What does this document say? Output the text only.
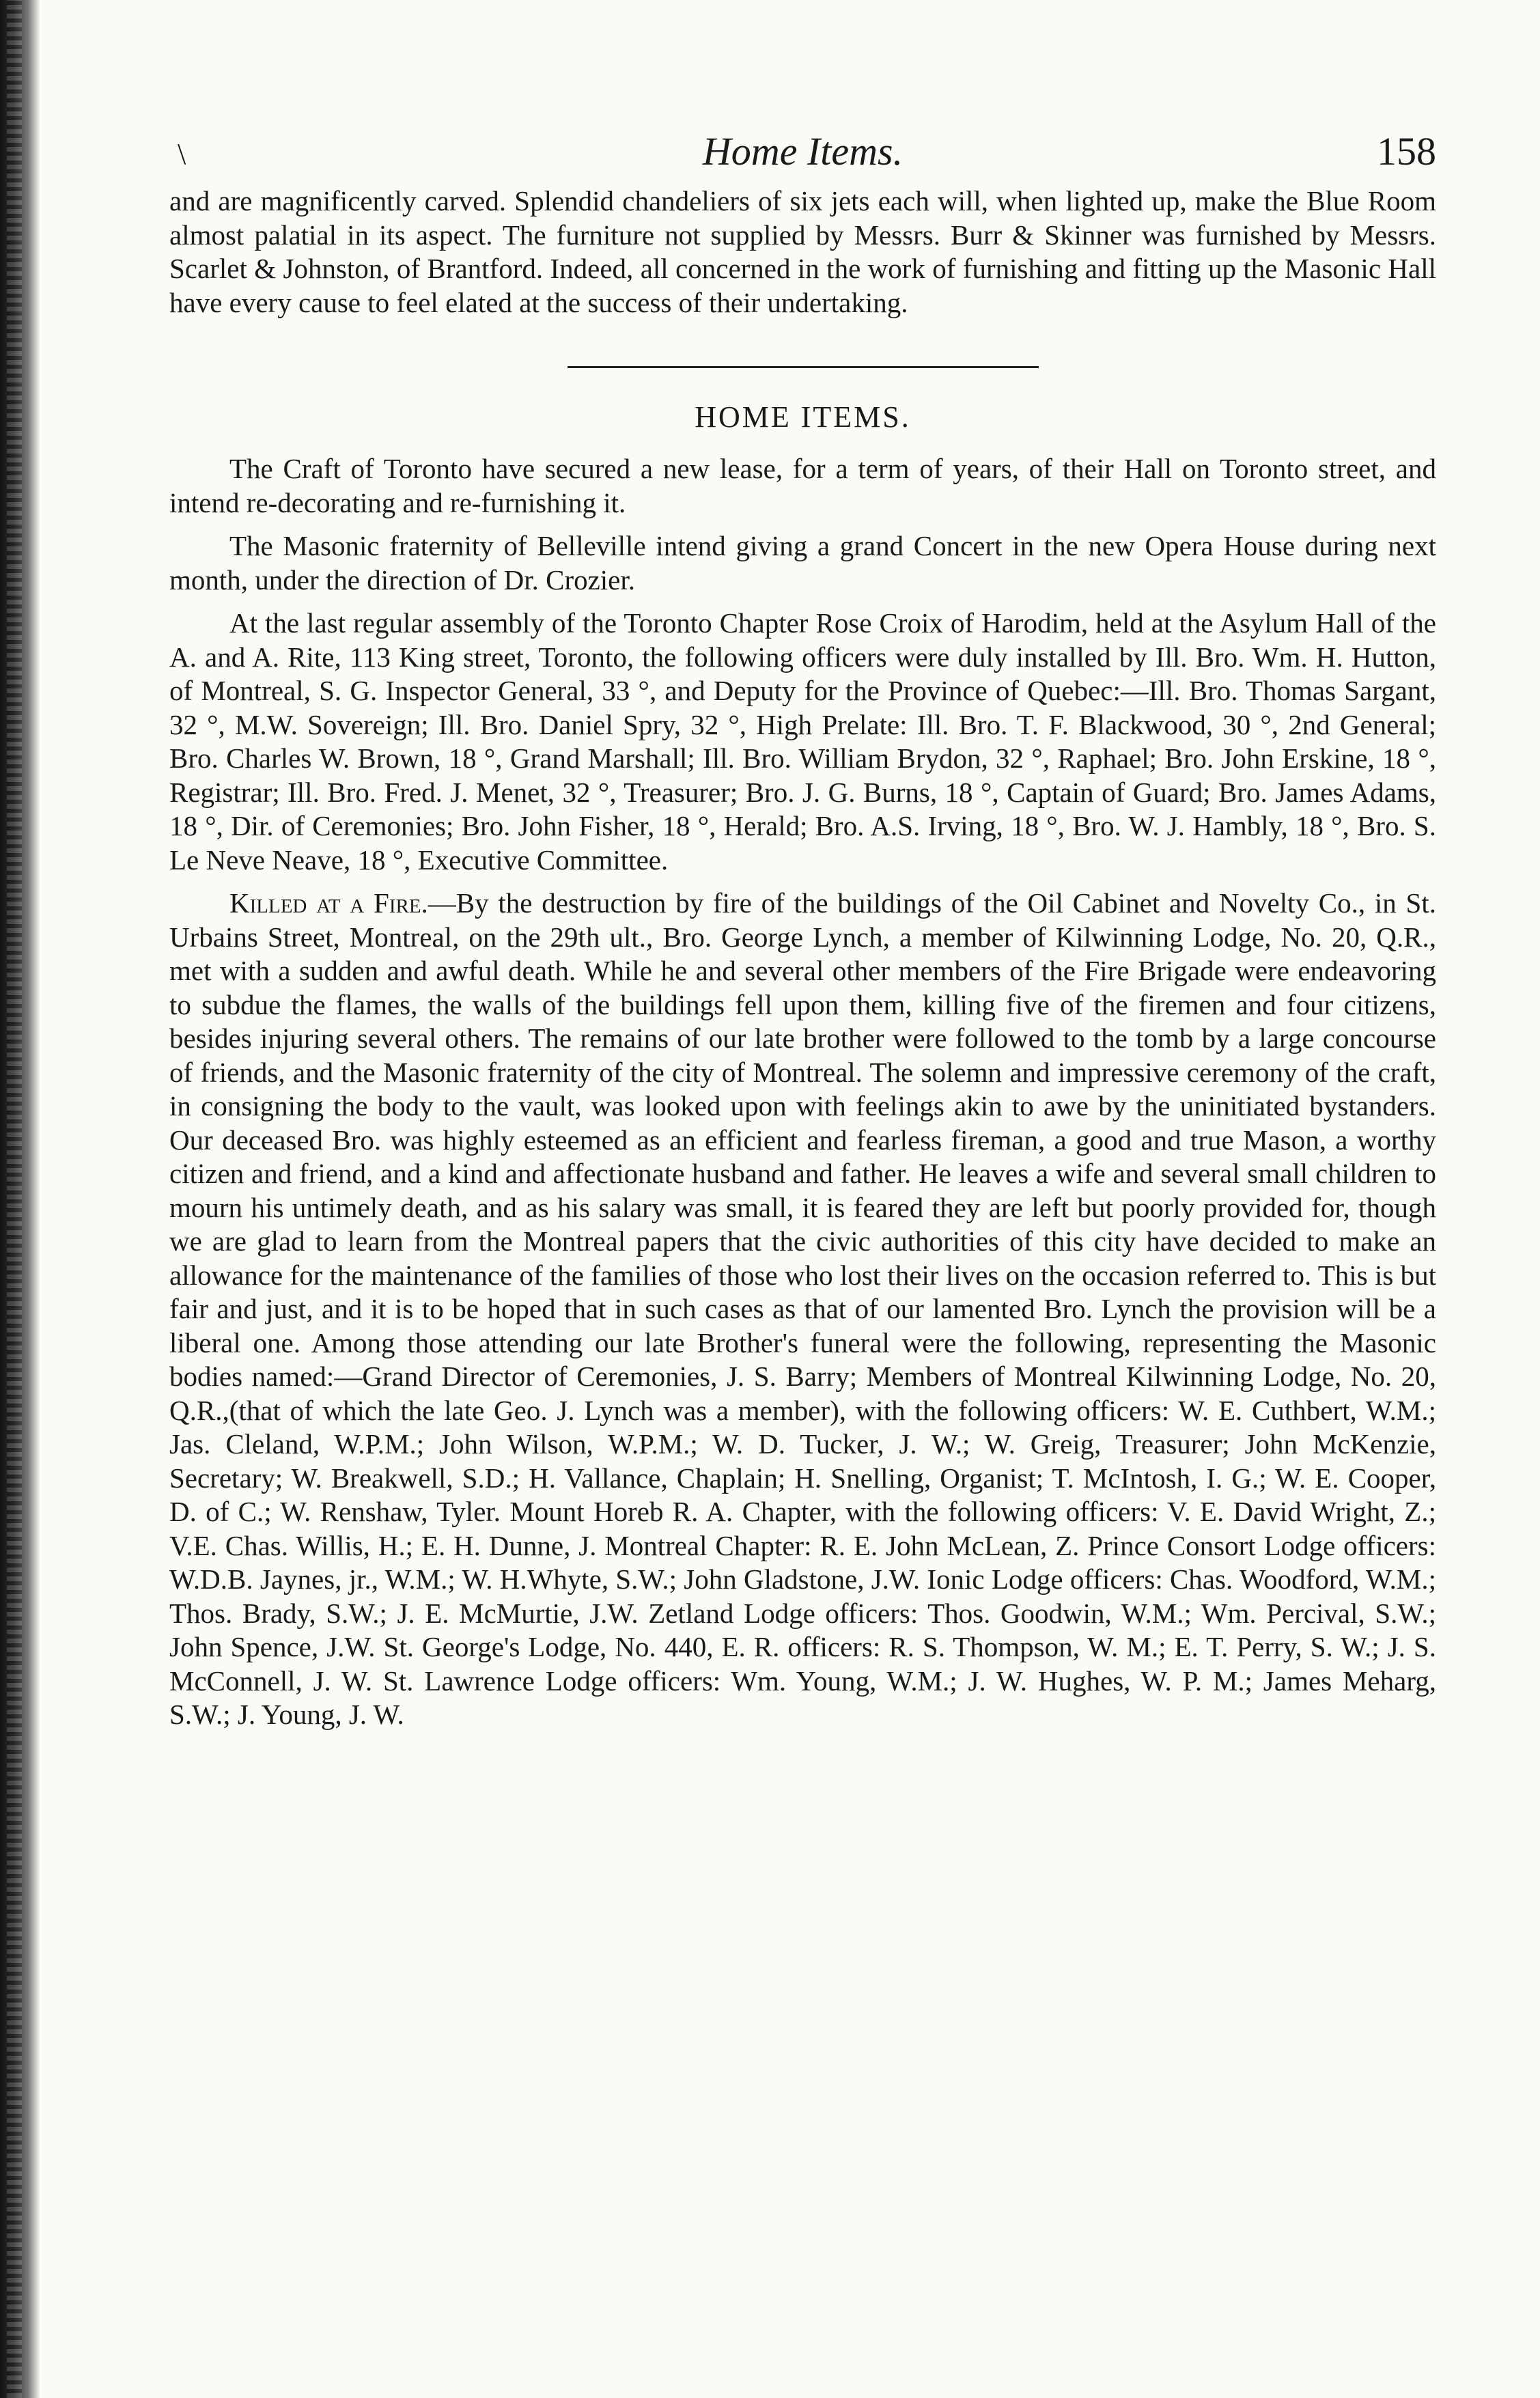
\	Home Items.	158

and are magnificently carved. Splendid chandeliers of six jets each will, when lighted up, make the Blue Room almost palatial in its aspect. The furniture not supplied by Messrs. Burr & Skinner was furnished by Messrs. Scarlet & Johnston, of Brantford. Indeed, all concerned in the work of furnishing and fitting up the Masonic Hall have every cause to feel elated at the success of their undertaking.

HOME ITEMS.

The Craft of Toronto have secured a new lease, for a term of years, of their Hall on Toronto street, and intend re-decorating and re-furnishing it.

The Masonic fraternity of Belleville intend giving a grand Concert in the new Opera House during next month, under the direction of Dr. Crozier.

At the last regular assembly of the Toronto Chapter Rose Croix of Harodim, held at the Asylum Hall of the A. and A. Rite, 113 King street, Toronto, the following officers were duly installed by Ill. Bro. Wm. H. Hutton, of Montreal, S. G. Inspector General, 33 °, and Deputy for the Province of Quebec:—Ill. Bro. Thomas Sargant, 32 °, M.W. Sovereign; Ill. Bro. Daniel Spry, 32 °, High Prelate: Ill. Bro. T. F. Blackwood, 30 °, 2nd General; Bro. Charles W. Brown, 18 °, Grand Marshall; Ill. Bro. William Brydon, 32 °, Raphael; Bro. John Erskine, 18 °, Registrar; Ill. Bro. Fred. J. Menet, 32 °, Treasurer; Bro. J. G. Burns, 18 °, Captain of Guard; Bro. James Adams, 18 °, Dir. of Ceremonies; Bro. John Fisher, 18 °, Herald; Bro. A.S. Irving, 18 °, Bro. W. J. Hambly, 18 °, Bro. S. Le Neve Neave, 18 °, Executive Committee.

Killed at a Fire.—By the destruction by fire of the buildings of the Oil Cabinet and Novelty Co., in St. Urbains Street, Montreal, on the 29th ult., Bro. George Lynch, a member of Kilwinning Lodge, No. 20, Q.R., met with a sudden and awful death. While he and several other members of the Fire Brigade were endeavoring to subdue the flames, the walls of the buildings fell upon them, killing five of the firemen and four citizens, besides injuring several others. The remains of our late brother were followed to the tomb by a large concourse of friends, and the Masonic fraternity of the city of Montreal. The solemn and impressive ceremony of the craft, in consigning the body to the vault, was looked upon with feelings akin to awe by the uninitiated bystanders. Our deceased Bro. was highly esteemed as an efficient and fearless fireman, a good and true Mason, a worthy citizen and friend, and a kind and affectionate husband and father. He leaves a wife and several small children to mourn his untimely death, and as his salary was small, it is feared they are left but poorly provided for, though we are glad to learn from the Montreal papers that the civic authorities of this city have decided to make an allowance for the maintenance of the families of those who lost their lives on the occasion referred to. This is but fair and just, and it is to be hoped that in such cases as that of our lamented Bro. Lynch the provision will be a liberal one. Among those attending our late Brother's funeral were the following, representing the Masonic bodies named:—Grand Director of Ceremonies, J. S. Barry; Members of Montreal Kilwinning Lodge, No. 20, Q.R.,(that of which the late Geo. J. Lynch was a member), with the following officers: W. E. Cuthbert, W.M.; Jas. Cleland, W.P.M.; John Wilson, W.P.M.; W. D. Tucker, J. W.; W. Greig, Treasurer; John McKenzie, Secretary; W. Breakwell, S.D.; H. Vallance, Chaplain; H. Snelling, Organist; T. McIntosh, I. G.; W. E. Cooper, D. of C.; W. Renshaw, Tyler. Mount Horeb R. A. Chapter, with the following officers: V. E. David Wright, Z.; V.E. Chas. Willis, H.; E. H. Dunne, J. Montreal Chapter: R. E. John McLean, Z. Prince Consort Lodge officers: W.D.B. Jaynes, jr., W.M.; W. H.Whyte, S.W.; John Gladstone, J.W. Ionic Lodge officers: Chas. Woodford, W.M.; Thos. Brady, S.W.; J. E. McMurtie, J.W. Zetland Lodge officers: Thos. Goodwin, W.M.; Wm. Percival, S.W.; John Spence, J.W. St. George's Lodge, No. 440, E. R. officers: R. S. Thompson, W. M.; E. T. Perry, S. W.; J. S. McConnell, J. W. St. Lawrence Lodge officers: Wm. Young, W.M.; J. W. Hughes, W. P. M.; James Meharg, S.W.; J. Young, J. W.
